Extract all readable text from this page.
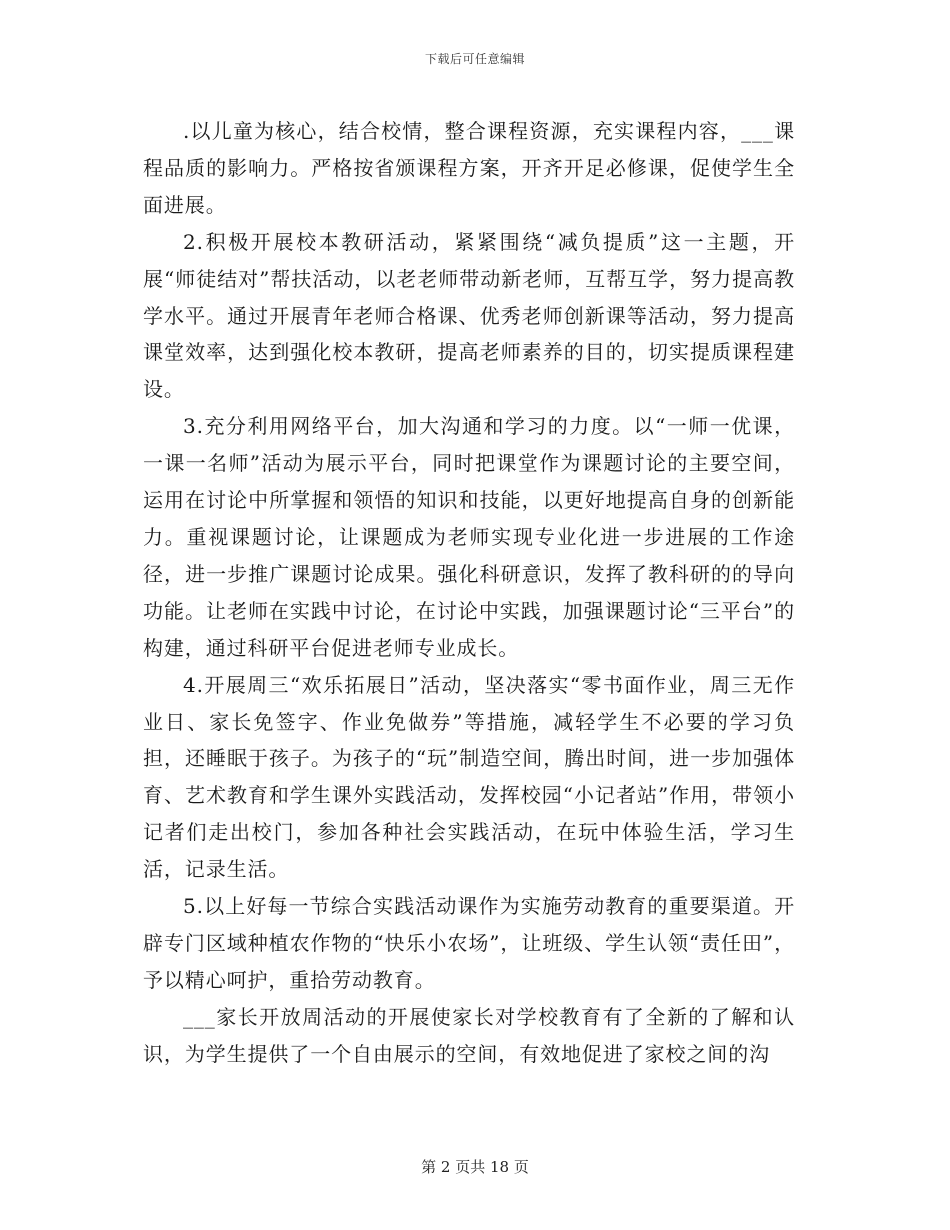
下载后可任意编辑

.以儿童为核心，结合校情，整合课程资源，充实课程内容，___课程品质的影响力。严格按省颁课程方案，开齐开足必修课，促使学生全面进展。

2.积极开展校本教研活动，紧紧围绕“减负提质”这一主题，开展“师徒结对”帮扶活动，以老老师带动新老师，互帮互学，努力提高教学水平。通过开展青年老师合格课、优秀老师创新课等活动，努力提高课堂效率，达到强化校本教研，提高老师素养的目的，切实提质课程建设。

3.充分利用网络平台，加大沟通和学习的力度。以“一师一优课，一课一名师”活动为展示平台，同时把课堂作为课题讨论的主要空间，运用在讨论中所掌握和领悟的知识和技能，以更好地提高自身的创新能力。重视课题讨论，让课题成为老师实现专业化进一步进展的工作途径，进一步推广课题讨论成果。强化科研意识，发挥了教科研的的导向功能。让老师在实践中讨论，在讨论中实践，加强课题讨论“三平台”的构建，通过科研平台促进老师专业成长。

4.开展周三“欢乐拓展日”活动，坚决落实“零书面作业，周三无作业日、家长免签字、作业免做券”等措施，减轻学生不必要的学习负担，还睡眠于孩子。为孩子的“玩”制造空间，腾出时间，进一步加强体育、艺术教育和学生课外实践活动，发挥校园“小记者站”作用，带领小记者们走出校门，参加各种社会实践活动，在玩中体验生活，学习生活，记录生活。

5.以上好每一节综合实践活动课作为实施劳动教育的重要渠道。开辟专门区域种植农作物的“快乐小农场”，让班级、学生认领“责任田”，予以精心呵护，重拾劳动教育。

___家长开放周活动的开展使家长对学校教育有了全新的了解和认识，为学生提供了一个自由展示的空间，有效地促进了家校之间的沟

第 2 页共 18 页
